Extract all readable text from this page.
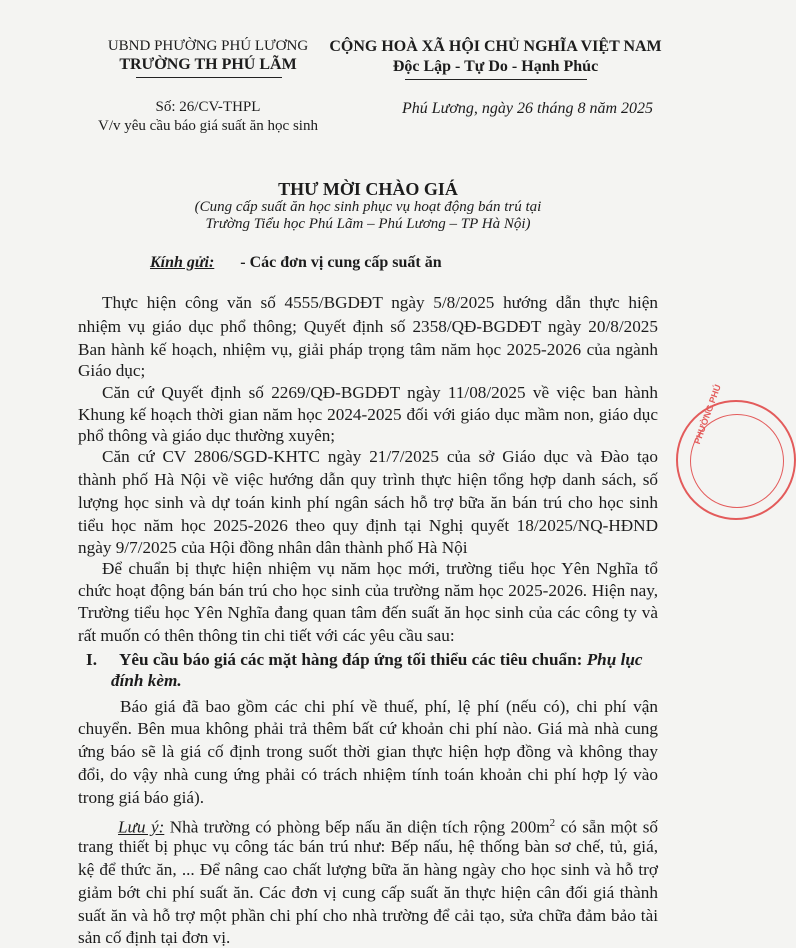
UBND PHƯỜNG PHÚ LƯƠNG
TRƯỜNG TH PHÚ LÃM
CỘNG HOÀ XÃ HỘI CHỦ NGHĨA VIỆT NAM
Độc Lập - Tự Do - Hạnh Phúc
Số: 26/CV-THPL
V/v yêu cầu báo giá suất ăn học sinh
Phú Lương, ngày 26 tháng 8 năm 2025
THƯ MỜI CHÀO GIÁ
(Cung cấp suất ăn học sinh phục vụ hoạt động bán trú tại
Trường Tiểu học Phú Lãm – Phú Lương – TP Hà Nội)
Kính gửi: - Các đơn vị cung cấp suất ăn
Thực hiện công văn số 4555/BGDĐT ngày 5/8/2025 hướng dẫn thực hiện
nhiệm vụ giáo dục phổ thông; Quyết định số 2358/QĐ-BGDĐT ngày 20/8/2025
Ban hành kế hoạch, nhiệm vụ, giải pháp trọng tâm năm học 2025-2026 của ngành
Giáo dục;
Căn cứ Quyết định số 2269/QĐ-BGDĐT ngày 11/08/2025 về việc ban hành
Khung kế hoạch thời gian năm học 2024-2025 đối với giáo dục mầm non, giáo dục
phổ thông và giáo dục thường xuyên;
Căn cứ CV 2806/SGD-KHTC ngày 21/7/2025 của sở Giáo dục và Đào tạo
thành phố Hà Nội về việc hướng dẫn quy trình thực hiện tổng hợp danh sách, số
lượng học sinh và dự toán kinh phí ngân sách hỗ trợ bữa ăn bán trú cho học sinh
tiểu học năm học 2025-2026 theo quy định tại Nghị quyết 18/2025/NQ-HĐND
ngày 9/7/2025 của Hội đồng nhân dân thành phố Hà Nội
Để chuẩn bị thực hiện nhiệm vụ năm học mới, trường tiểu học Yên Nghĩa tổ
chức hoạt động bán bán trú cho học sinh của trường năm học 2025-2026. Hiện nay,
Trường tiểu học Yên Nghĩa đang quan tâm đến suất ăn học sinh của các công ty và
rất muốn có thên thông tin chi tiết với các yêu cầu sau:
I. Yêu cầu báo giá các mặt hàng đáp ứng tối thiểu các tiêu chuẩn: Phụ lục
đính kèm.
Báo giá đã bao gồm các chi phí về thuế, phí, lệ phí (nếu có), chi phí vận
chuyển. Bên mua không phải trả thêm bất cứ khoản chi phí nào. Giá mà nhà cung
ứng báo sẽ là giá cố định trong suốt thời gian thực hiện hợp đồng và không thay
đổi, do vậy nhà cung ứng phải có trách nhiệm tính toán khoản chi phí hợp lý vào
trong giá báo giá).
Lưu ý: Nhà trường có phòng bếp nấu ăn diện tích rộng $200m^2$ có sẵn một số
trang thiết bị phục vụ công tác bán trú như: Bếp nấu, hệ thống bàn sơ chế, tủ, giá,
kệ để thức ăn, ... Để nâng cao chất lượng bữa ăn hàng ngày cho học sinh và hỗ trợ
giảm bớt chi phí suất ăn. Các đơn vị cung cấp suất ăn thực hiện cân đối giá thành
suất ăn và hỗ trợ một phần chi phí cho nhà trường để cải tạo, sửa chữa đảm bảo tài
sản cố định tại đơn vị.
PHƯỜNG PHÚ
